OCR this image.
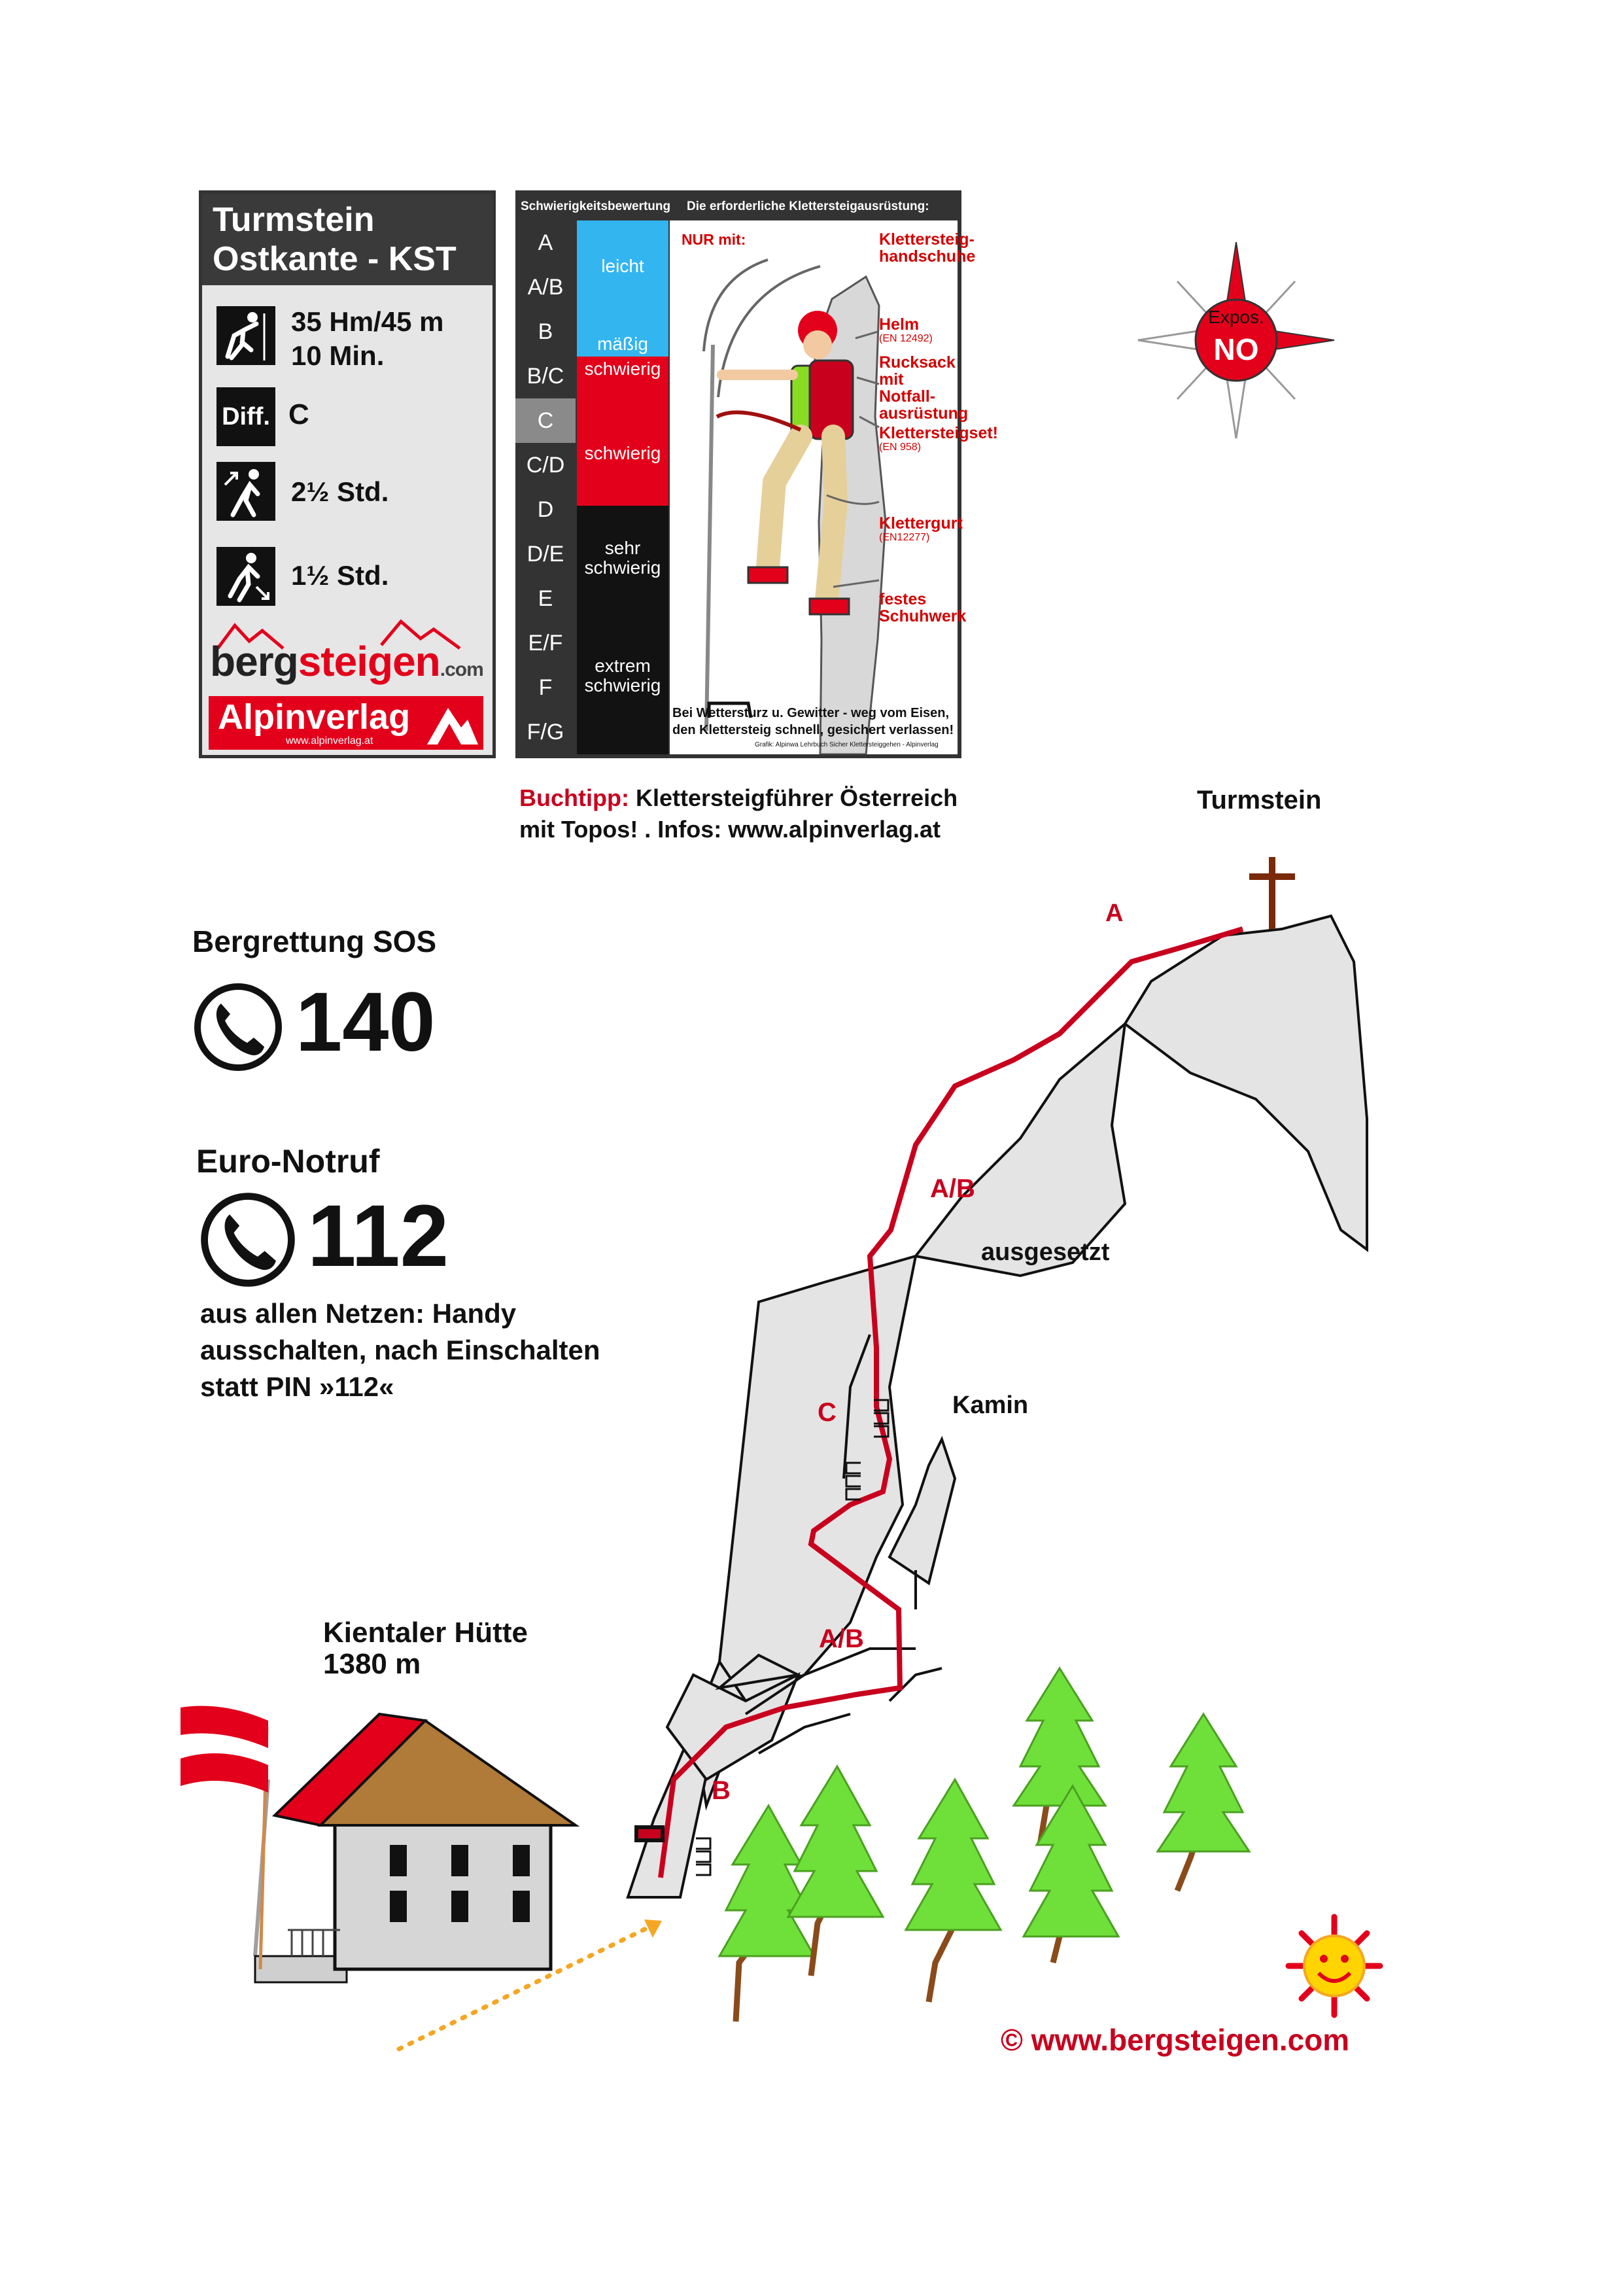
Turmstein
Ostkante - KST
35 Hm/45 m
10 Min.
Diff. C
2½ Std.
1½ Std.
bergsteigen.com
Alpinverlag
www.alpinverlag.at
Schwierigkeitsbewertung Die erforderliche Klettersteigausrüstung:
A
A/B
B
B/C
C
C/D
D
D/E
E
E/F
F
F/G
leicht
mäßig
schwierig
schwierig
sehr schwierig
extrem schwierig
NUR mit:	Klettersteig-handschuhe
Helm
(EN 12492)
Rucksack mit Notfall-ausrüstung
Klettersteigset!
(EN 958)
Klettergurt
(EN12277)
festes Schuhwerk
Bei Wettersturz u. Gewitter - weg vom Eisen,
den Klettersteig schnell, gesichert verlassen!
Grafik: Alpinwa Lehrbuch Sicher Klettersteiggehen - Alpinverlag
Buchtipp: Klettersteigführer Österreich
mit Topos! . Infos: www.alpinverlag.at
Expos.
NO
Bergrettung SOS
140
Euro-Notruf
112
aus allen Netzen: Handy
ausschalten, nach Einschalten
statt PIN »112«
Turmstein
A
A/B
ausgesetzt
C	Kamin
A/B
B
Kientaler Hütte
1380 m
© www.bergsteigen.com
